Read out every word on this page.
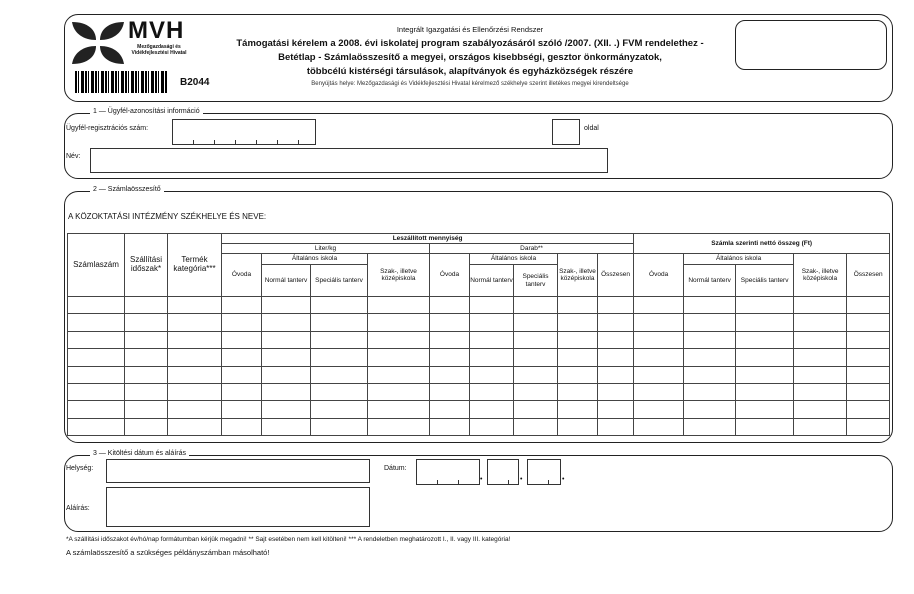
MVH
Mezőgazdasági és Vidékfejlesztési Hivatal
B2044
Integrált Igazgatási és Ellenőrzési Rendszer
Támogatási kérelem a 2008. évi iskolatej program szabályozásáról szóló /2007. (XII. .) FVM rendelethez -
Betétlap - Számlaösszesítő a megyei, országos kisebbségi, gesztor önkormányzatok,
többcélú kistérségi társulások, alapítványok és egyházközségek részére
Benyújtás helye: Mezőgazdasági és Vidékfejlesztési Hivatal kérelmező székhelye szerint illetékes megyei kirendeltsége
1 — Ügyfél-azonosítási információ
Ügyfél-regisztrációs szám:	oldal
Név:
2 — Számlaösszesítő
A KÖZOKTATÁSI INTÉZMÉNY SZÉKHELYE ÉS NEVE:
Számlaszám	Szállítási időszak*	Termék kategória***	Leszállított mennyiség									Számla szerinti nettó összeg (Ft)				
			Liter/kg				Darab**									
			Óvoda	Általános iskola		Szak-, illetve középiskola	Óvoda	Általános iskola		Szak-, illetve középiskola	Összesen	Óvoda	Általános iskola		Szak-, illetve középiskola	Összesen
				Normál tanterv	Speciális tanterv			Normál tanterv	Speciális tanterv				Normál tanterv	Speciális tanterv		

3 — Kitöltési dátum és aláírás
Helység:	Dátum:
•	•	•
Aláírás:
*A szállítási időszakot év/hó/nap formátumban kérjük megadni! ** Sajt esetében nem kell kitölteni! *** A rendeletben meghatározott I., II. vagy III. kategória!
A számlaösszesítő a szükséges példányszámban másolható!
